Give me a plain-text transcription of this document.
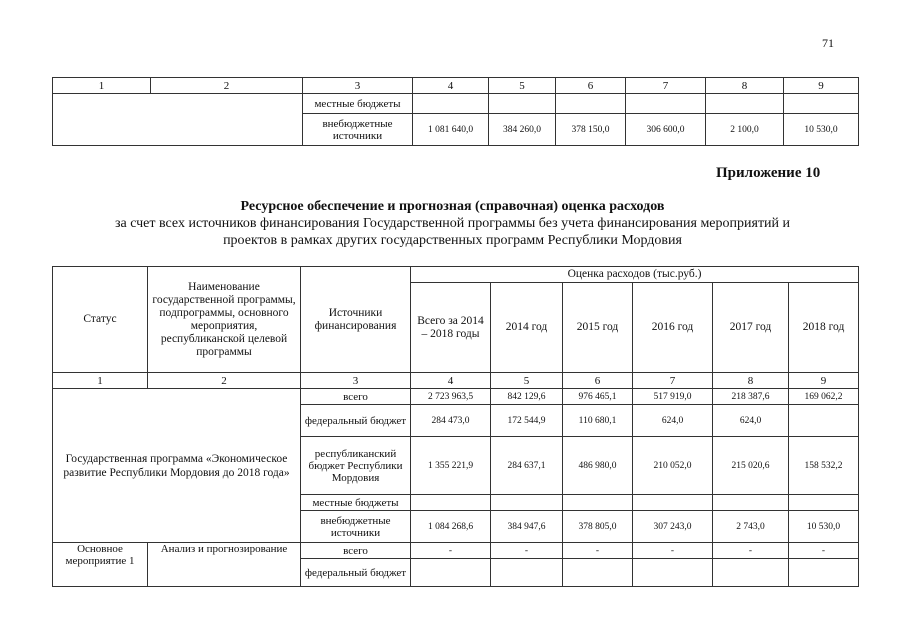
71
1	2	3	4	5	6	7	8	9
		местные бюджеты						
		внебюджетные источники	1 081 640,0	384 260,0	378 150,0	306 600,0	2 100,0	10 530,0
Приложение 10
Ресурсное обеспечение и прогнозная (справочная) оценка расходов
за счет всех источников финансирования Государственной программы без учета финансирования мероприятий и
проектов в рамках других государственных программ Республики Мордовия
Статус	Наименование государственной программы, подпрограммы, основного мероприятия, республиканской целевой программы	Источники финансирования	Оценка расходов (тыс.руб.)					
			Всего за 2014 – 2018 годы	2014 год	2015 год	2016 год	2017 год	2018 год
1	2	3	4	5	6	7	8	9
Государственная программа «Экономическое развитие Республики Мордовия до 2018 года»		всего	2 723 963,5	842 129,6	976 465,1	517 919,0	218 387,6	169 062,2
		федеральный бюджет	284 473,0	172 544,9	110 680,1	624,0	624,0	
		республиканский бюджет Республики Мордовия	1 355 221,9	284 637,1	486 980,0	210 052,0	215 020,6	158 532,2
		местные бюджеты						
		внебюджетные источники	1 084 268,6	384 947,6	378 805,0	307 243,0	2 743,0	10 530,0
Основное мероприятие 1	Анализ и прогнозирование	всего	-	-	-	-	-	-
		федеральный бюджет						
